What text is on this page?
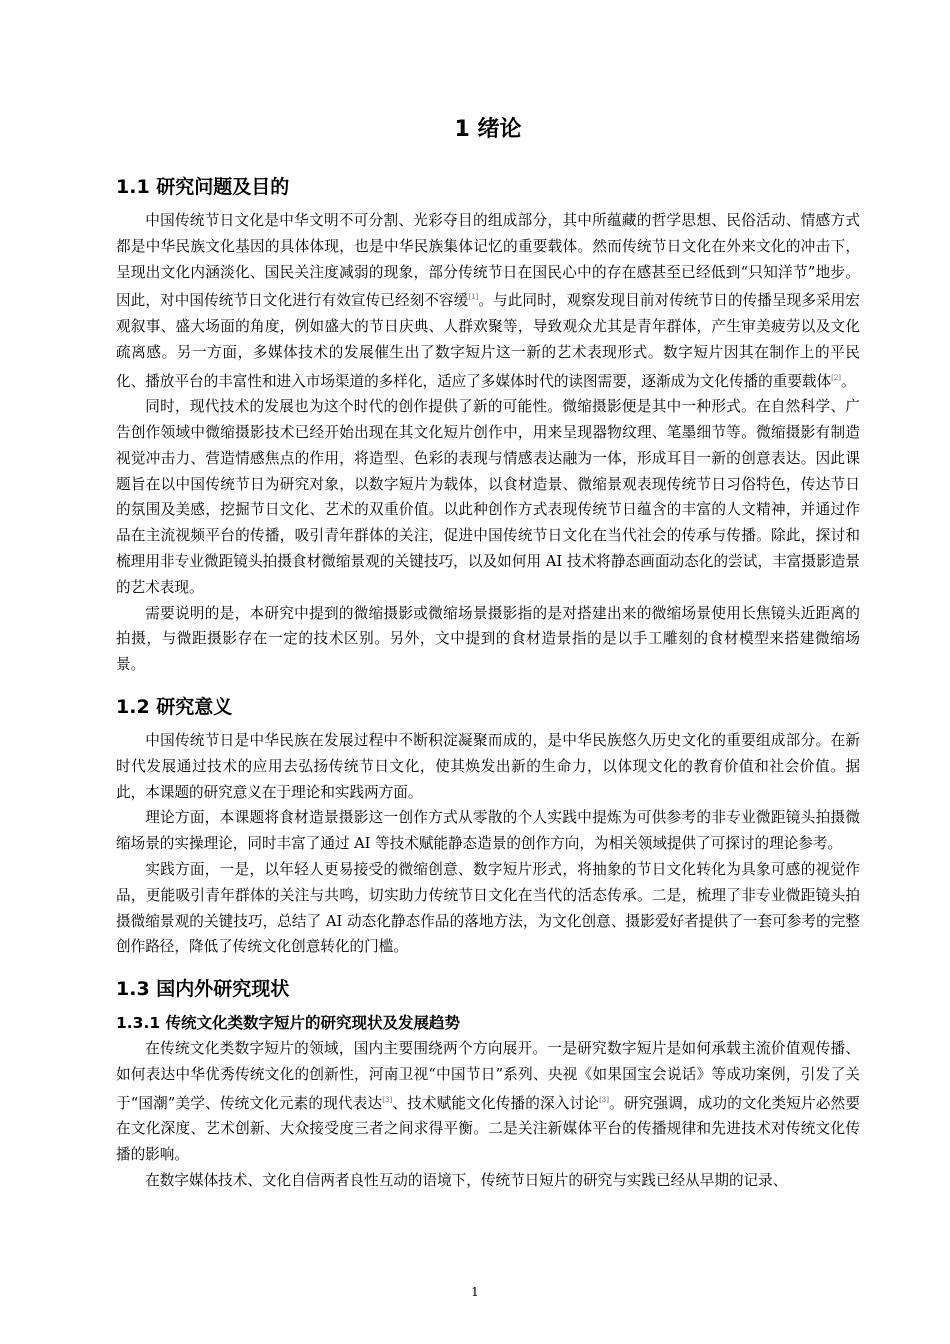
1 绪论
1.1 研究问题及目的

中国传统节日文化是中华文明不可分割、光彩夺目的组成部分，其中所蕴藏的哲学思想、民俗活动、情感方式都是中华民族文化基因的具体体现，也是中华民族集体记忆的重要载体。然而传统节日文化在外来文化的冲击下，呈现出文化内涵淡化、国民关注度减弱的现象，部分传统节日在国民心中的存在感甚至已经低到“只知洋节”地步。因此，对中国传统节日文化进行有效宣传已经刻不容缓[1]。与此同时，观察发现目前对传统节日的传播呈现多采用宏观叙事、盛大场面的角度，例如盛大的节日庆典、人群欢聚等，导致观众尤其是青年群体，产生审美疲劳以及文化疏离感。另一方面，多媒体技术的发展催生出了数字短片这一新的艺术表现形式。数字短片因其在制作上的平民化、播放平台的丰富性和进入市场渠道的多样化，适应了多媒体时代的读图需要，逐渐成为文化传播的重要载体[2]。

同时，现代技术的发展也为这个时代的创作提供了新的可能性。微缩摄影便是其中一种形式。在自然科学、广告创作领域中微缩摄影技术已经开始出现在其文化短片创作中，用来呈现器物纹理、笔墨细节等。微缩摄影有制造视觉冲击力、营造情感焦点的作用，将造型、色彩的表现与情感表达融为一体，形成耳目一新的创意表达。因此课题旨在以中国传统节日为研究对象，以数字短片为载体，以食材造景、微缩景观表现传统节日习俗特色，传达节日的氛围及美感，挖掘节日文化、艺术的双重价值。以此种创作方式表现传统节日蕴含的丰富的人文精神，并通过作品在主流视频平台的传播，吸引青年群体的关注，促进中国传统节日文化在当代社会的传承与传播。除此，探讨和梳理用非专业微距镜头拍摄食材微缩景观的关键技巧，以及如何用 AI 技术将静态画面动态化的尝试，丰富摄影造景的艺术表现。

需要说明的是，本研究中提到的微缩摄影或微缩场景摄影指的是对搭建出来的微缩场景使用长焦镜头近距离的拍摄，与微距摄影存在一定的技术区别。另外，文中提到的食材造景指的是以手工雕刻的食材模型来搭建微缩场景。

1.2 研究意义

中国传统节日是中华民族在发展过程中不断积淀凝聚而成的，是中华民族悠久历史文化的重要组成部分。在新时代发展通过技术的应用去弘扬传统节日文化，使其焕发出新的生命力，以体现文化的教育价值和社会价值。据此，本课题的研究意义在于理论和实践两方面。

理论方面，本课题将食材造景摄影这一创作方式从零散的个人实践中提炼为可供参考的非专业微距镜头拍摄微缩场景的实操理论，同时丰富了通过 AI 等技术赋能静态造景的创作方向，为相关领域提供了可探讨的理论参考。

实践方面，一是，以年轻人更易接受的微缩创意、数字短片形式，将抽象的节日文化转化为具象可感的视觉作品，更能吸引青年群体的关注与共鸣，切实助力传统节日文化在当代的活态传承。二是，梳理了非专业微距镜头拍摄微缩景观的关键技巧，总结了 AI 动态化静态作品的落地方法，为文化创意、摄影爱好者提供了一套可参考的完整创作路径，降低了传统文化创意转化的门槛。

1.3 国内外研究现状
1.3.1 传统文化类数字短片的研究现状及发展趋势

在传统文化类数字短片的领域，国内主要围绕两个方向展开。一是研究数字短片是如何承载主流价值观传播、如何表达中华优秀传统文化的创新性，河南卫视“中国节日”系列、央视《如果国宝会说话》等成功案例，引发了关于“国潮”美学、传统文化元素的现代表达[3]、技术赋能文化传播的深入讨论[3]。研究强调，成功的文化类短片必然要在文化深度、艺术创新、大众接受度三者之间求得平衡。二是关注新媒体平台的传播规律和先进技术对传统文化传播的影响。

在数字媒体技术、文化自信两者良性互动的语境下，传统节日短片的研究与实践已经从早期的记录、

1
